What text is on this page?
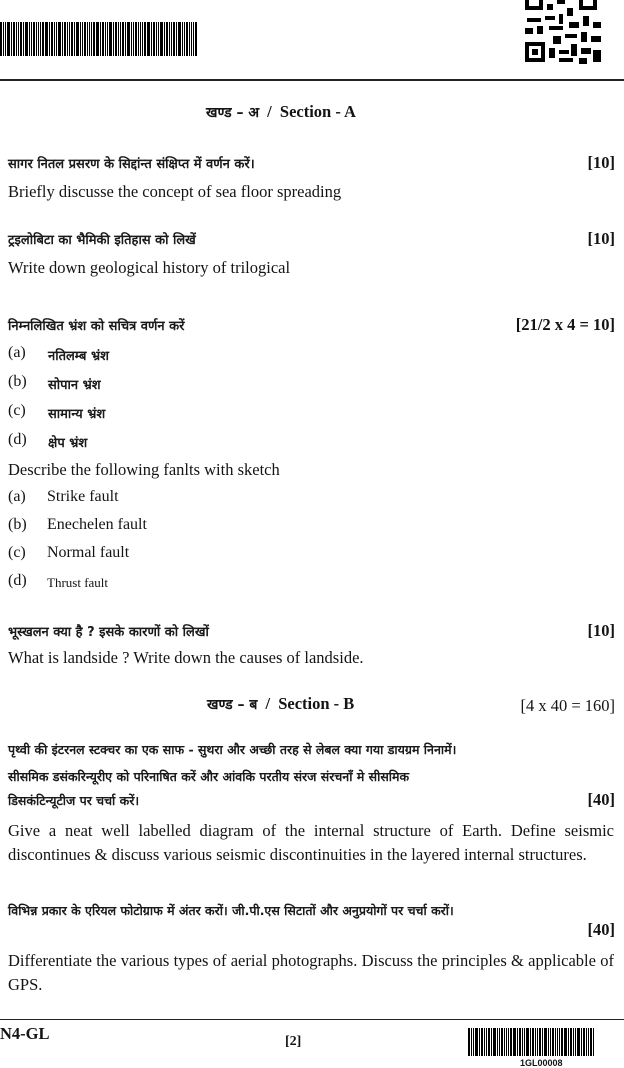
खण्ड – अ / Section - A
सागर नितल प्रसरण के सिद्दांन्त संक्षिप्त में वर्णन करें।	[10]
Briefly discusse the concept of sea floor spreading
ट्रइलोबिटा का भैमिकी इतिहास को लिखें	[10]
Write down geological history of trilogical
निम्नलिखित भ्रंश को सचित्र वर्णन करें	[21/2 x 4 = 10]
(a) नतिलम्ब भ्रंश
(b) सोपान भ्रंश
(c) सामान्य भ्रंश
(d) क्षेप भ्रंश
Describe the following fanlts with sketch
(a) Strike fault
(b) Enechelen fault
(c) Normal fault
(d) Thrust fault
भूस्खलन क्या है ? इसके कारणों को लिखों	[10]
What is landside ? Write down the causes of landside.
खण्ड – ब / Section - B	[4 x 40 = 160]
पृथ्वी की इंटरनल स्टक्चर का एक साफ - सुथरा और अच्छी तरह से लेबल क्या गया डायग्रम निनामें।
सीसमिक डसंकरिन्यूरीए को परिनाषित करें और आंवकि परतीय संरज संरचनाँ मे सीसमिक
डिसकंटिन्यूटीज पर चर्चा करें।	[40]
Give a neat well labelled diagram of the internal structure of Earth. Define seismic discontinues & discuss various seismic discontinuities in the layered internal structures.
विभिन्न प्रकार के एरियल फोटोग्राफ में अंतर करों। जी.पी.एस सिटातों और अनुप्रयोगों पर चर्चा करों।
[40]
Differentiate the various types of aerial photographs. Discuss the principles & applicable of GPS.
N4-GL	[2]
1GL00008
